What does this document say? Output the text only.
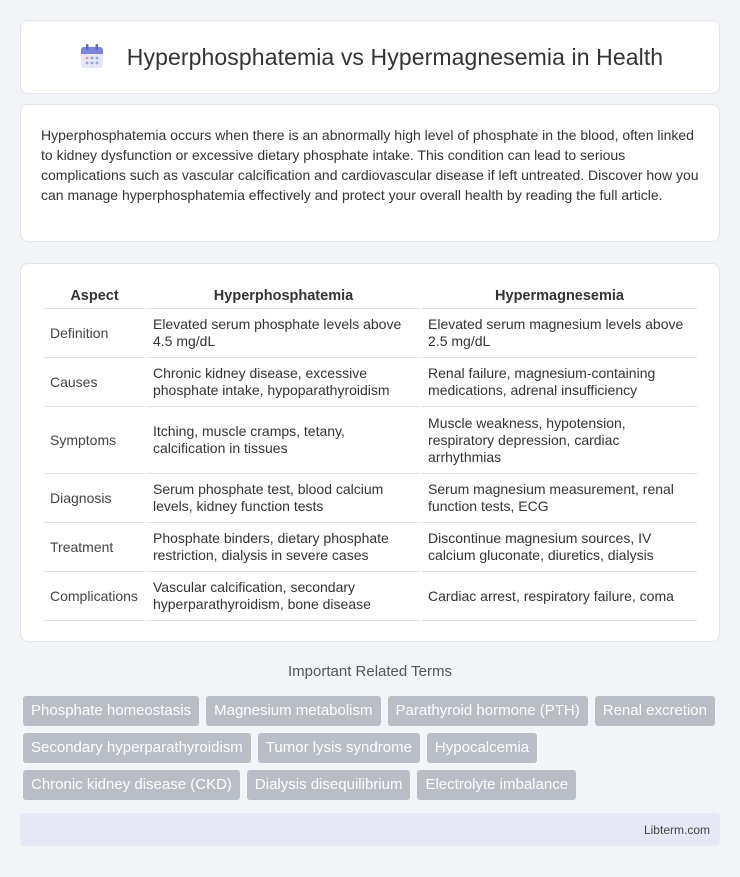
Hyperphosphatemia vs Hypermagnesemia in Health

Hyperphosphatemia occurs when there is an abnormally high level of phosphate in the blood, often linked to kidney dysfunction or excessive dietary phosphate intake. This condition can lead to serious complications such as vascular calcification and cardiovascular disease if left untreated. Discover how you can manage hyperphosphatemia effectively and protect your overall health by reading the full article.

Aspect	Hyperphosphatemia	Hypermagnesemia
Definition	Elevated serum phosphate levels above 4.5 mg/dL	Elevated serum magnesium levels above 2.5 mg/dL
Causes	Chronic kidney disease, excessive phosphate intake, hypoparathyroidism	Renal failure, magnesium-containing medications, adrenal insufficiency
Symptoms	Itching, muscle cramps, tetany, calcification in tissues	Muscle weakness, hypotension, respiratory depression, cardiac arrhythmias
Diagnosis	Serum phosphate test, blood calcium levels, kidney function tests	Serum magnesium measurement, renal function tests, ECG
Treatment	Phosphate binders, dietary phosphate restriction, dialysis in severe cases	Discontinue magnesium sources, IV calcium gluconate, diuretics, dialysis
Complications	Vascular calcification, secondary hyperparathyroidism, bone disease	Cardiac arrest, respiratory failure, coma
Important Related Terms
Phosphate homeostasis	Magnesium metabolism	Parathyroid hormone (PTH)	Renal excretion
Secondary hyperparathyroidism	Tumor lysis syndrome	Hypocalcemia
Chronic kidney disease (CKD)	Dialysis disequilibrium	Electrolyte imbalance
Libterm.com
